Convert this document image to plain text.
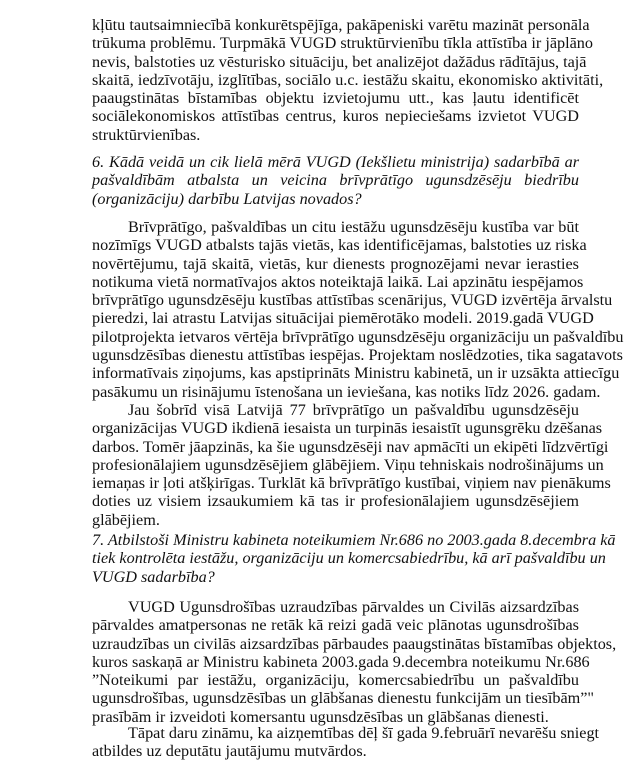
kļūtu tautsaimniecībā konkurētspējīga, pakāpeniski varētu mazināt personāla
trūkuma problēmu. Turpmākā VUGD struktūrvienību tīkla attīstība ir jāplāno
nevis, balstoties uz vēsturisko situāciju, bet analizējot dažādus rādītājus, tajā
skaitā, iedzīvotāju, izglītības, sociālo u.c. iestāžu skaitu, ekonomisko aktivitāti,
paaugstinātas bīstamības objektu izvietojumu utt., kas ļautu identificēt
sociālekonomiskos attīstības centrus, kuros nepieciešams izvietot VUGD
struktūrvienības.
6. Kādā veidā un cik lielā mērā VUGD (Iekšlietu ministrija) sadarbībā ar
pašvaldībām atbalsta un veicina brīvprātīgo ugunsdzēsēju biedrību
(organizāciju) darbību Latvijas novados?
Brīvprātīgo, pašvaldības un citu iestāžu ugunsdzēsēju kustība var būt
nozīmīgs VUGD atbalsts tajās vietās, kas identificējamas, balstoties uz riska
novērtējumu, tajā skaitā, vietās, kur dienests prognozējami nevar ierasties
notikuma vietā normatīvajos aktos noteiktajā laikā. Lai apzinātu iespējamos
brīvprātīgo ugunsdzēsēju kustības attīstības scenārijus, VUGD izvērtēja ārvalstu
pieredzi, lai atrastu Latvijas situācijai piemērotāko modeli. 2019.gadā VUGD
pilotprojekta ietvaros vērtēja brīvprātīgo ugunsdzēsēju organizāciju un pašvaldību
ugunsdzēsības dienestu attīstības iespējas. Projektam noslēdzoties, tika sagatavots
informatīvais ziņojums, kas apstiprināts Ministru kabinetā, un ir uzsākta attiecīgu
pasākumu un risinājumu īstenošana un ieviešana, kas notiks līdz 2026. gadam.
Jau šobrīd visā Latvijā 77 brīvprātīgo un pašvaldību ugunsdzēsēju
organizācijas VUGD ikdienā iesaista un turpinās iesaistīt ugunsgrēku dzēšanas
darbos. Tomēr jāapzinās, ka šie ugunsdzēsēji nav apmācīti un ekipēti līdzvērtīgi
profesionālajiem ugunsdzēsējiem glābējiem. Viņu tehniskais nodrošinājums un
iemaņas ir ļoti atšķirīgas. Turklāt kā brīvprātīgo kustībai, viņiem nav pienākums
doties uz visiem izsaukumiem kā tas ir profesionālajiem ugunsdzēsējiem
glābējiem.
7. Atbilstoši Ministru kabineta noteikumiem Nr.686 no 2003.gada 8.decembra kā
tiek kontrolēta iestāžu, organizāciju un komercsabiedrību, kā arī pašvaldību un
VUGD sadarbība?
VUGD Ugunsdrošības uzraudzības pārvaldes un Civilās aizsardzības
pārvaldes amatpersonas ne retāk kā reizi gadā veic plānotas ugunsdrošības
uzraudzības un civilās aizsardzības pārbaudes paaugstinātas bīstamības objektos,
kuros saskaņā ar Ministru kabineta 2003.gada 9.decembra noteikumu Nr.686
”Noteikumi par iestāžu, organizāciju, komercsabiedrību un pašvaldību
ugunsdrošības, ugunsdzēsības un glābšanas dienestu funkcijām un tiesībām”"
prasībām ir izveidoti komersantu ugunsdzēsības un glābšanas dienesti.
Tāpat daru zināmu, ka aizņemtības dēļ šī gada 9.februārī nevarēšu sniegt
atbildes uz deputātu jautājumu mutvārdos.
